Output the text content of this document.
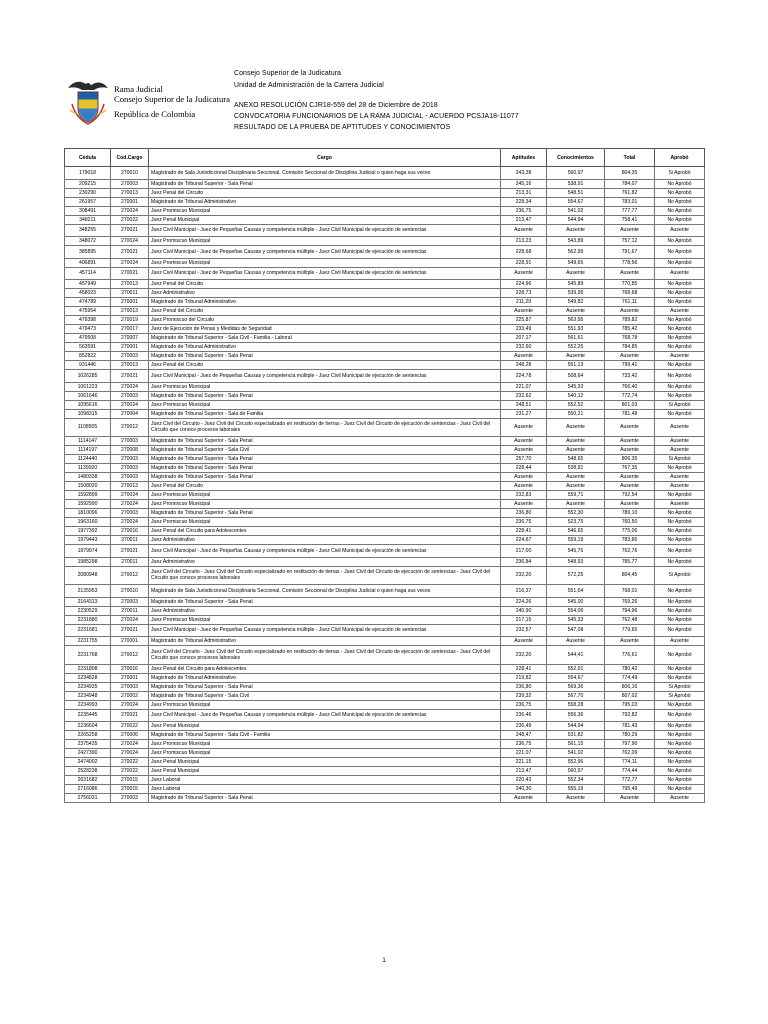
Rama Judicial
Consejo Superior de la Judicatura
República de Colombia
Consejo Superior de la Judicatura
Unidad de Administración de la Carrera Judicial
ANEXO RESOLUCIÓN CJR18-559 del 28 de Diciembre de 2018
CONVOCATORIA FUNCIONARIOS DE LA RAMA JUDICIAL - ACUERDO PCSJA18-11077
RESULTADO DE LA PRUEBA DE APTITUDES Y CONOCIMIENTOS
Cédula	Cod.Cargo	Cargo	Aptitudes	Conocimientos	Total	Aprobó
179018	270010	Magistrado de Sala Jurisdiccional Disciplinaria Seccional, Comisión Seccional de Disciplina Judicial o quien haga sus veces	243,38	560,97	804,35	Si Aprobó
209215	270003	Magistrado de Tribunal Superior - Sala Penal	245,16	538,91	784,07	No Aprobó
230290	270013	Juez Penal del Circuito	213,31	548,51	761,82	No Aprobó
261957	270001	Magistrado de Tribunal Administrativo	228,34	554,67	783,01	No Aprobó
308491	270024	Juez Promiscuo Municipal	236,75	541,02	777,77	No Aprobó
348211	270022	Juez Penal Municipal	213,47	544,94	758,41	No Aprobó
348255	270021	Juez Civil Municipal - Juez de Pequeñas Causas y competencia múltiple - Juez Civil Municipal de ejecución de sentencias	Ausente	Ausente	Ausente	Ausente
348072	270024	Juez Promiscuo Municipal	213,23	543,89	757,12	No Aprobó
385895	270021	Juez Civil Municipal - Juez de Pequeñas Causas y competencia múltiple - Juez Civil Municipal de ejecución de sentencias	228,68	562,99	791,67	No Aprobó
406891	270024	Juez Promiscuo Municipal	228,91	549,65	778,56	No Aprobó
457114	270021	Juez Civil Municipal - Juez de Pequeñas Causas y competencia múltiple - Juez Civil Municipal de ejecución de sentencias	Ausente	Ausente	Ausente	Ausente
457949	270013	Juez Penal del Circuito	224,96	545,89	770,85	No Aprobó
458023	270011	Juez Administrativo	228,73	539,95	768,68	No Aprobó
474789	270001	Magistrado de Tribunal Administrativo	211,29	549,82	761,11	No Aprobó
475954	270013	Juez Penal del Circuito	Ausente	Ausente	Ausente	Ausente
479398	270019	Juez Promiscuo del Circuito	225,87	563,95	789,82	No Aprobó
479473	270017	Juez de Ejecución de Penas y Medidas de Seguridad	233,49	551,93	785,42	No Aprobó
479508	270007	Magistrado de Tribunal Superior - Sala Civil - Familia - Laboral	207,17	561,61	768,78	No Aprobó
563591	270001	Magistrado de Tribunal Administrativo	232,60	552,25	784,85	No Aprobó
852822	270003	Magistrado de Tribunal Superior - Sala Penal	Ausente	Ausente	Ausente	Ausente
931446	270013	Juez Penal del Circuito	248,28	551,13	799,41	No Aprobó
1026285	270021	Juez Civil Municipal - Juez de Pequeñas Causas y competencia múltiple - Juez Civil Municipal de ejecución de sentencias	224,78	508,64	733,42	No Aprobó
1061223	270024	Juez Promiscuo Municipal	221,07	545,33	766,40	No Aprobó
1061646	270003	Magistrado de Tribunal Superior - Sala Penal	232,62	540,12	772,74	No Aprobó
1095616	270024	Juez Promiscuo Municipal	248,51	552,52	801,03	Si Aprobó
1098315	270004	Magistrado de Tribunal Superior - Sala de Familia	231,27	550,21	781,48	No Aprobó
1108505	270012	Juez Civil del Circuito - Juez Civil del Circuito especializado en restitución de tierras - Juez Civil del Circuito de ejecución de sentencias - Juez Civil del Circuito que conoce procesos laborales	Ausente	Ausente	Ausente	Ausente
1114147	270003	Magistrado de Tribunal Superior - Sala Penal	Ausente	Ausente	Ausente	Ausente
1114197	270008	Magistrado de Tribunal Superior - Sala Civil	Ausente	Ausente	Ausente	Ausente
1124440	270003	Magistrado de Tribunal Superior - Sala Penal	257,70	548,65	806,35	Si Aprobó
1139920	270003	Magistrado de Tribunal Superior - Sala Penal	228,44	538,91	767,35	No Aprobó
1480338	270003	Magistrado de Tribunal Superior - Sala Penal	Ausente	Ausente	Ausente	Ausente
1508020	270013	Juez Penal del Circuito	Ausente	Ausente	Ausente	Ausente
1592899	270024	Juez Promiscuo Municipal	232,83	559,71	792,54	No Aprobó
1592990	270024	Juez Promiscuo Municipal	Ausente	Ausente	Ausente	Ausente
1810096	270003	Magistrado de Tribunal Superior - Sala Penal	236,80	552,30	789,10	No Aprobó
1963160	270024	Juez Promiscuo Municipal	236,75	523,75	760,50	No Aprobó
1977392	270016	Juez Penal del Circuito para Adolescentes	228,41	546,65	775,06	No Aprobó
1979443	270011	Juez Administrativo	224,67	559,19	783,86	No Aprobó
1979974	270021	Juez Civil Municipal - Juez de Pequeñas Causas y competencia múltiple - Juez Civil Municipal de ejecución de sentencias	217,00	545,76	762,76	No Aprobó
1985298	270011	Juez Administrativo	236,84	548,93	785,77	No Aprobó
2080948	270012	Juez Civil del Circuito - Juez Civil del Circuito especializado en restitución de tierras - Juez Civil del Circuito de ejecución de sentencias - Juez Civil del Circuito que conoce procesos laborales	232,20	572,25	804,45	Si Aprobó
2135953	270010	Magistrado de Sala Jurisdiccional Disciplinaria Seccional, Comisión Seccional de Disciplina Judicial o quien haga sus veces	216,37	551,64	768,01	No Aprobó
2164313	270003	Magistrado de Tribunal Superior - Sala Penal	224,26	545,00	769,26	No Aprobó
2230529	270011	Juez Administrativo	240,90	554,06	794,96	No Aprobó
2231880	270024	Juez Promiscuo Municipal	217,15	545,33	762,48	No Aprobó
2231681	270021	Juez Civil Municipal - Juez de Pequeñas Causas y competencia múltiple - Juez Civil Municipal de ejecución de sentencias	232,57	547,08	779,65	No Aprobó
2231755	270001	Magistrado de Tribunal Administrativo	Ausente	Ausente	Ausente	Ausente
2231768	270012	Juez Civil del Circuito - Juez Civil del Circuito especializado en restitución de tierras - Juez Civil del Circuito de ejecución de sentencias - Juez Civil del Circuito que conoce procesos laborales	232,20	544,41	776,61	No Aprobó
2231808	270016	Juez Penal del Circuito para Adolescentes	228,41	552,01	780,42	No Aprobó
2234828	270001	Magistrado de Tribunal Administrativo	219,82	554,67	774,49	No Aprobó
2234935	270003	Magistrado de Tribunal Superior - Sala Penal	236,80	569,36	806,16	Si Aprobó
2234948	270002	Magistrado de Tribunal Superior - Sala Civil	239,32	567,70	807,02	Si Aprobó
2234993	270024	Juez Promiscuo Municipal	236,75	558,28	795,03	No Aprobó
2235445	270021	Juez Civil Municipal - Juez de Pequeñas Causas y competencia múltiple - Juez Civil Municipal de ejecución de sentencias	236,46	556,36	792,82	No Aprobó
2236604	270022	Juez Penal Municipal	236,49	544,94	781,43	No Aprobó
2265258	270006	Magistrado de Tribunal Superior - Sala Civil - Familia	248,47	531,82	780,29	No Aprobó
2375435	270024	Juez Promiscuo Municipal	236,75	561,15	797,90	No Aprobó
2427390	270024	Juez Promiscuo Municipal	221,07	541,02	762,09	No Aprobó
2474002	270022	Juez Penal Municipal	221,15	552,96	774,11	No Aprobó
2528238	270022	Juez Penal Municipal	213,47	560,97	774,44	No Aprobó
2631682	270015	Juez Laboral	220,43	552,34	772,77	No Aprobó
2716086	270015	Juez Laboral	240,30	555,19	795,49	No Aprobó
2756031	270003	Magistrado de Tribunal Superior - Sala Penal	Ausente	Ausente	Ausente	Ausente
1
